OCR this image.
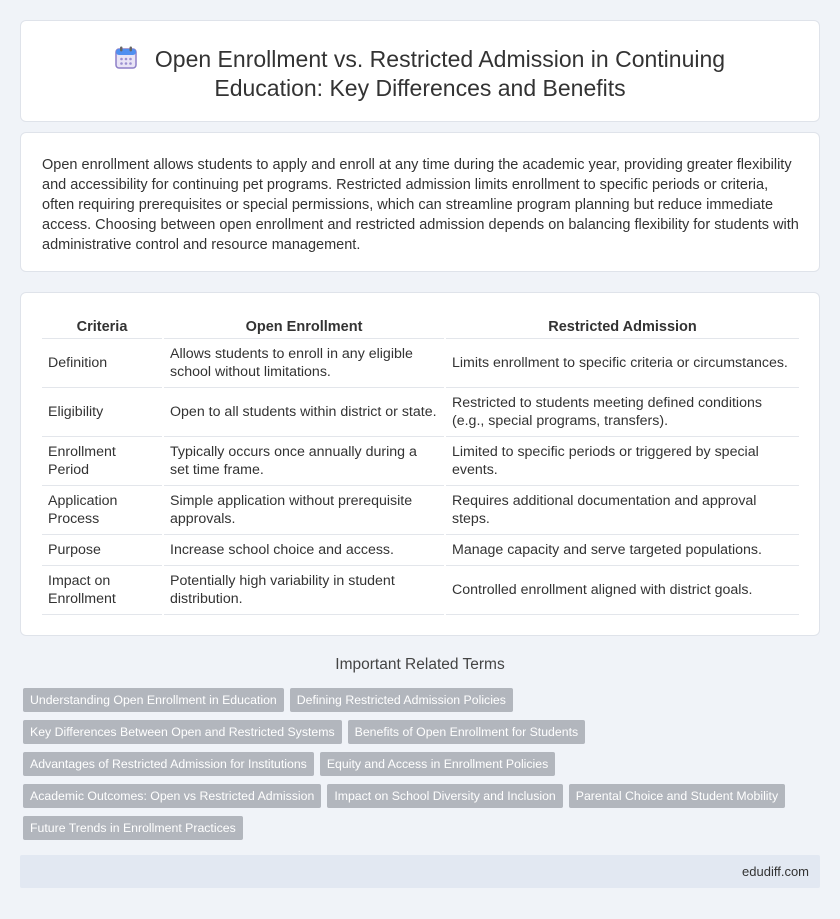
Open Enrollment vs. Restricted Admission in Continuing
Education: Key Differences and Benefits
Open enrollment allows students to apply and enroll at any time during the academic year, providing greater flexibility and accessibility for continuing pet programs. Restricted admission limits enrollment to specific periods or criteria, often requiring prerequisites or special permissions, which can streamline program planning but reduce immediate access. Choosing between open enrollment and restricted admission depends on balancing flexibility for students with administrative control and resource management.
Criteria	Open Enrollment	Restricted Admission
Definition	Allows students to enroll in any eligible school without limitations.	Limits enrollment to specific criteria or circumstances.
Eligibility	Open to all students within district or state.	Restricted to students meeting defined conditions (e.g., special programs, transfers).
Enrollment Period	Typically occurs once annually during a set time frame.	Limited to specific periods or triggered by special events.
Application Process	Simple application without prerequisite approvals.	Requires additional documentation and approval steps.
Purpose	Increase school choice and access.	Manage capacity and serve targeted populations.
Impact on Enrollment	Potentially high variability in student distribution.	Controlled enrollment aligned with district goals.
Important Related Terms
Understanding Open Enrollment in Education Defining Restricted Admission Policies
Key Differences Between Open and Restricted Systems Benefits of Open Enrollment for Students
Advantages of Restricted Admission for Institutions Equity and Access in Enrollment Policies
Academic Outcomes: Open vs Restricted Admission Impact on School Diversity and Inclusion Parental Choice and Student Mobility
Future Trends in Enrollment Practices
edudiff.com
